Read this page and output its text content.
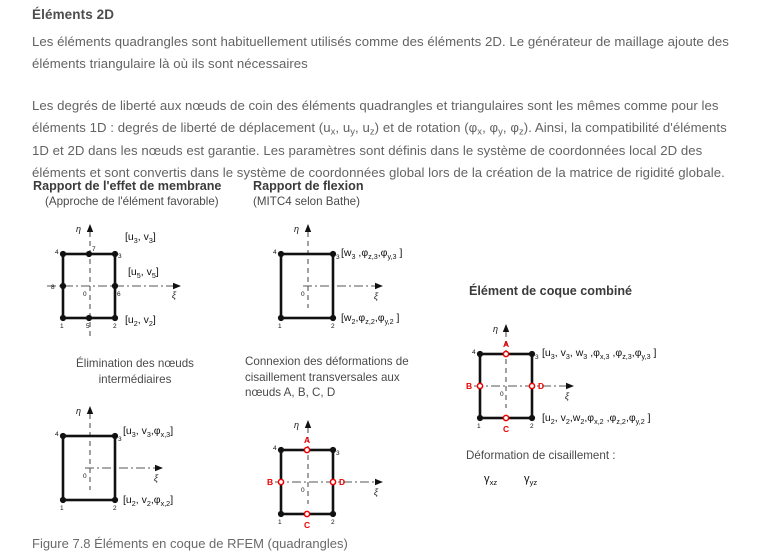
Éléments 2D

Les éléments quadrangles sont habituellement utilisés comme des éléments 2D. Le générateur de maillage ajoute des éléments triangulaire là où ils sont nécessaires

Les degrés de liberté aux nœuds de coin des éléments quadrangles et triangulaires sont les mêmes comme pour les éléments 1D : degrés de liberté de déplacement ($u_x$, $u_y$, $u_z$) et de rotation ($\varphi_x$, $\varphi_y$, $\varphi_z$). Ainsi, la compatibilité d'éléments 1D et 2D dans les nœuds est garantie. Les paramètres sont définis dans le système de coordonnées local 2D des éléments et sont convertis dans le système de coordonnées global lors de la création de la matrice de rigidité globale.

Rapport de l'effet de membrane
(Approche de l'élément favorable)
η
ξ
4
3
1	2
7
6
5
8
0
[$u_3$, $v_3$]
[$u_5$, $v_5$]
[$u_2$, $v_2$]
Rapport de flexion
(MITC4 selon Bathe)
η
ξ
4
3
1	2
0
[$w_3$ $,\varphi_{z,3},\varphi_{y,3}$ ]
[$w_2,\varphi_{z,2},\varphi_{y,2}$ ]
Élimination des nœuds
intermédiaires
η
ξ
4
3
1	2
0
[$u_3$, $v_3,\varphi_{x,3}$]
[$u_2$, $v_2,\varphi_{x,2}$]
Connexion des déformations de
cisaillement transversales aux
nœuds A, B, C, D
η
ξ
4
3
1	2
0
A
B
C
D
Élément de coque combiné
η
ξ
4
3
1	2
0
A
B
C
D
[$u_3$, $v_3$, $w_3$ $,\varphi_{x,3}$ $,\varphi_{z,3},\varphi_{y,3}$ ]
[$u_2$, $v_2,w_2,\varphi_{x,2}$ $,\varphi_{z,2},\varphi_{y,2}$ ]
Déformation de cisaillement :
$\gamma_{xz}$ $\gamma_{yz}$
Figure 7.8 Éléments en coque de RFEM (quadrangles)
